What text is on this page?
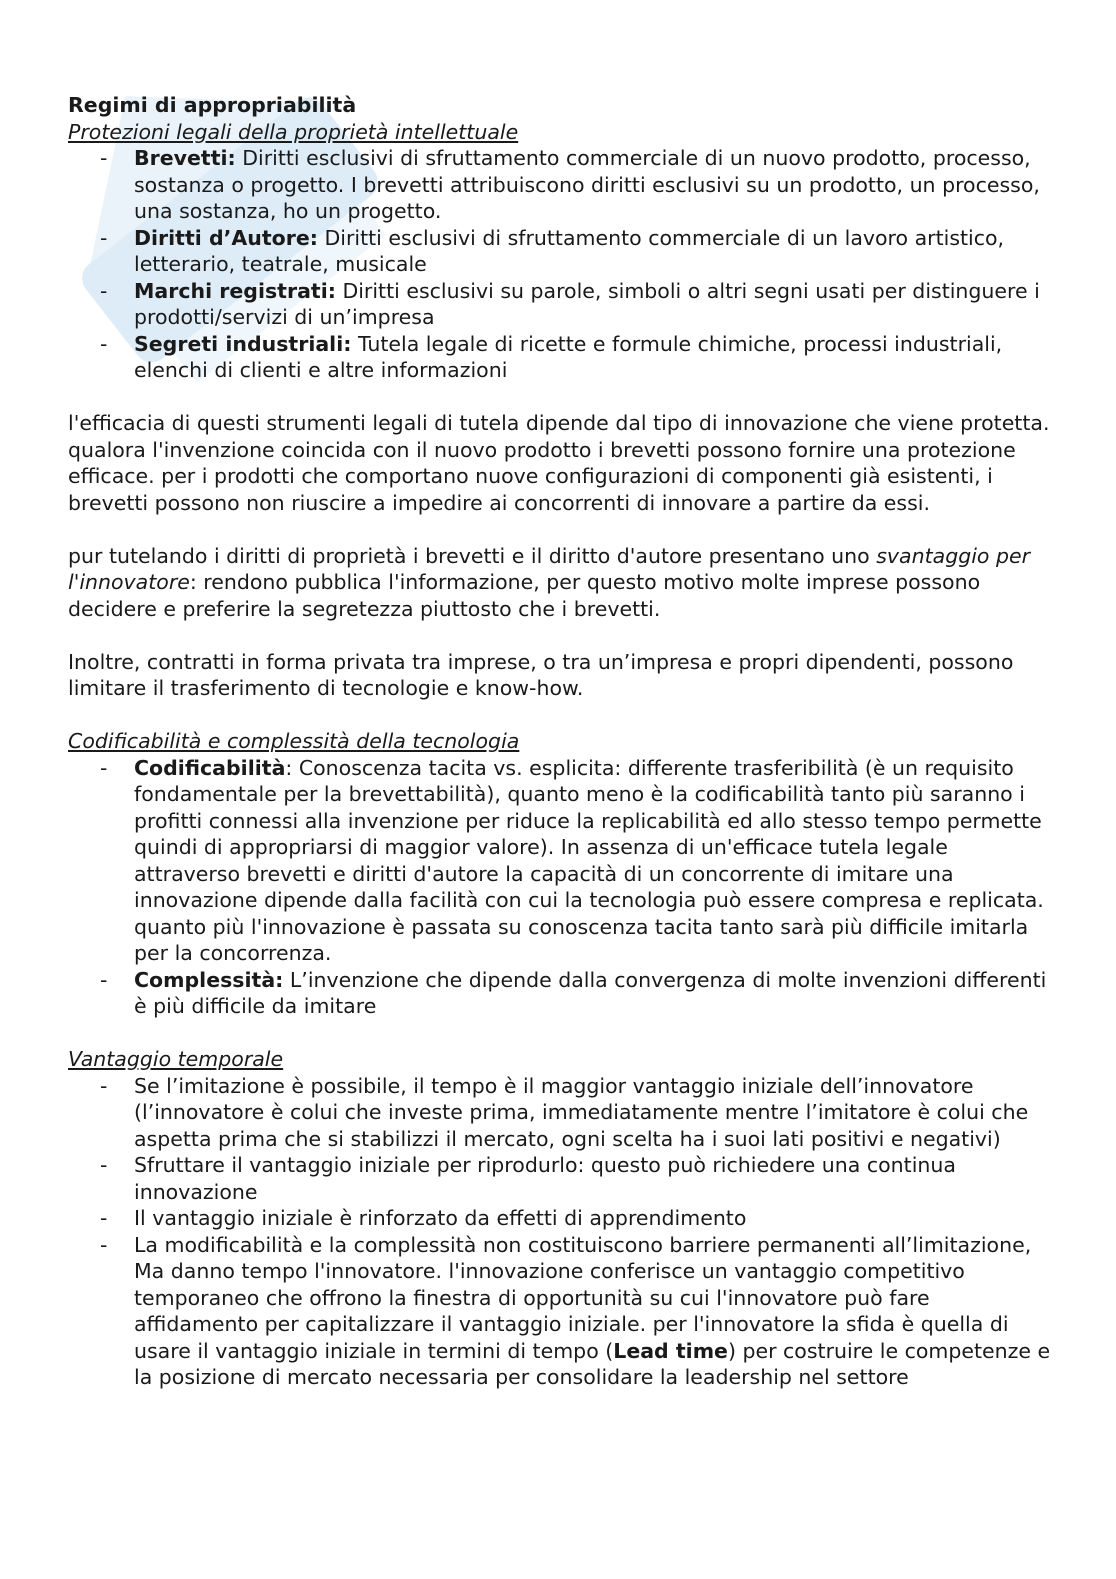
Regimi di appropriabilità

Protezioni legali della proprietà intellettuale

- Brevetti: Diritti esclusivi di sfruttamento commerciale di un nuovo prodotto, processo, sostanza o progetto. I brevetti attribuiscono diritti esclusivi su un prodotto, un processo, una sostanza, ho un progetto.
- Diritti d’Autore: Diritti esclusivi di sfruttamento commerciale di un lavoro artistico, letterario, teatrale, musicale
- Marchi registrati: Diritti esclusivi su parole, simboli o altri segni usati per distinguere i prodotti/servizi di un’impresa
- Segreti industriali: Tutela legale di ricette e formule chimiche, processi industriali, elenchi di clienti e altre informazioni

l'efficacia di questi strumenti legali di tutela dipende dal tipo di innovazione che viene protetta. qualora l'invenzione coincida con il nuovo prodotto i brevetti possono fornire una protezione efficace. per i prodotti che comportano nuove configurazioni di componenti già esistenti, i brevetti possono non riuscire a impedire ai concorrenti di innovare a partire da essi.

pur tutelando i diritti di proprietà i brevetti e il diritto d'autore presentano uno svantaggio per l'innovatore: rendono pubblica l'informazione, per questo motivo molte imprese possono decidere e preferire la segretezza piuttosto che i brevetti.

Inoltre, contratti in forma privata tra imprese, o tra un’impresa e propri dipendenti, possono limitare il trasferimento di tecnologie e know-how.

Codificabilità e complessità della tecnologia

- Codificabilità: Conoscenza tacita vs. esplicita: differente trasferibilità (è un requisito fondamentale per la brevettabilità), quanto meno è la codificabilità tanto più saranno i profitti connessi alla invenzione per riduce la replicabilità ed allo stesso tempo permette quindi di appropriarsi di maggior valore). In assenza di un'efficace tutela legale attraverso brevetti e diritti d'autore la capacità di un concorrente di imitare una innovazione dipende dalla facilità con cui la tecnologia può essere compresa e replicata. quanto più l'innovazione è passata su conoscenza tacita tanto sarà più difficile imitarla per la concorrenza.
- Complessità: L’invenzione che dipende dalla convergenza di molte invenzioni differenti è più difficile da imitare

Vantaggio temporale

- Se l’imitazione è possibile, il tempo è il maggior vantaggio iniziale dell’innovatore (l’innovatore è colui che investe prima, immediatamente mentre l’imitatore è colui che aspetta prima che si stabilizzi il mercato, ogni scelta ha i suoi lati positivi e negativi)
- Sfruttare il vantaggio iniziale per riprodurlo: questo può richiedere una continua innovazione
- Il vantaggio iniziale è rinforzato da effetti di apprendimento
- La modificabilità e la complessità non costituiscono barriere permanenti all’limitazione, Ma danno tempo l'innovatore. l'innovazione conferisce un vantaggio competitivo temporaneo che offrono la finestra di opportunità su cui l'innovatore può fare affidamento per capitalizzare il vantaggio iniziale. per l'innovatore la sfida è quella di usare il vantaggio iniziale in termini di tempo (Lead time) per costruire le competenze e la posizione di mercato necessaria per consolidare la leadership nel settore
